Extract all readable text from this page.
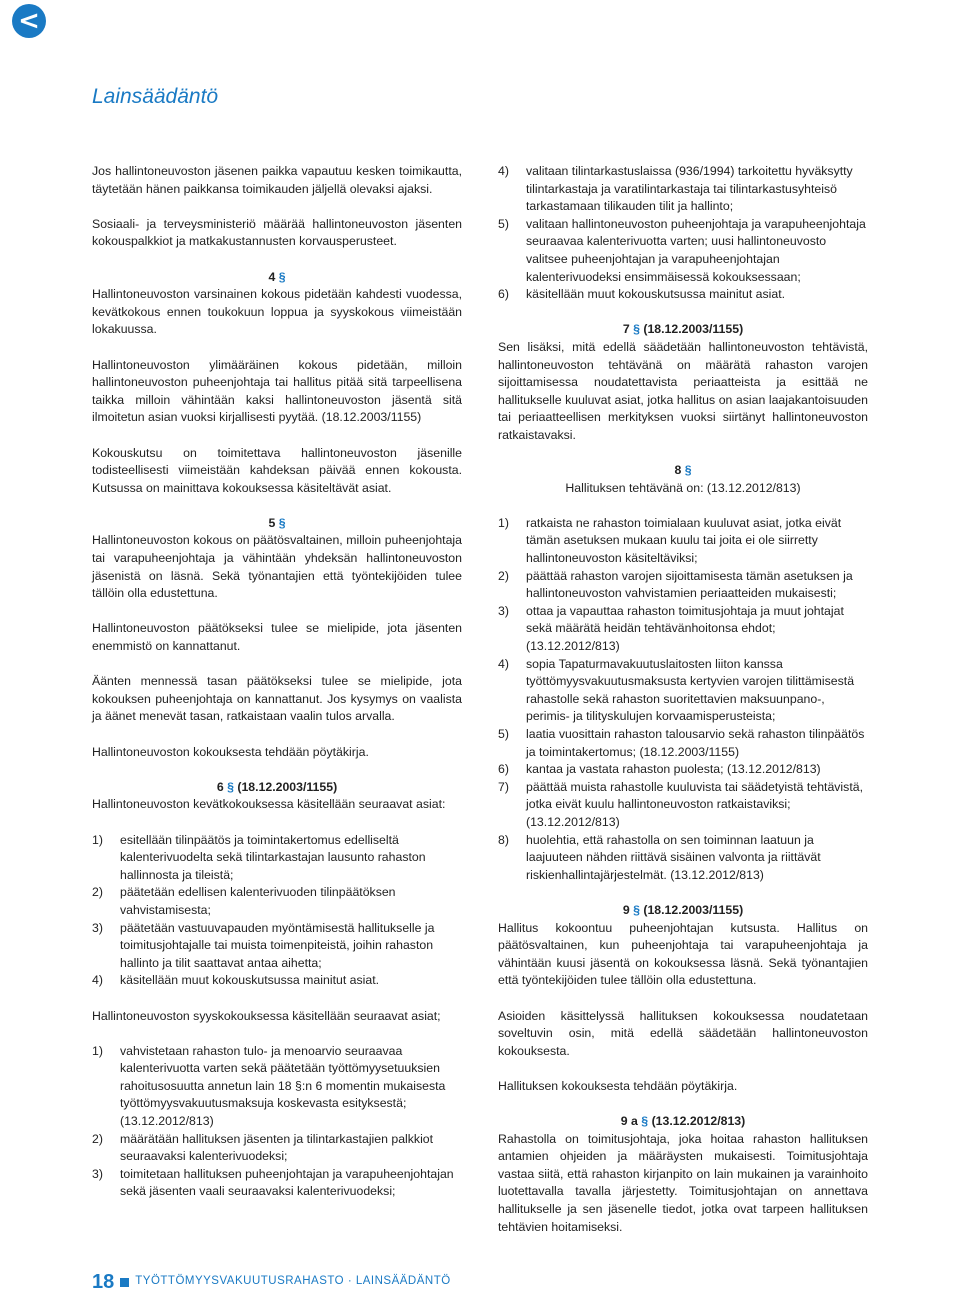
<
Lainsäädäntö

Jos hallintoneuvoston jäsenen paikka vapautuu kesken toimikautta, täytetään hänen paikkansa toimikauden jäljellä olevaksi ajaksi.

Sosiaali- ja terveysministeriö määrää hallintoneuvoston jäsenten kokouspalkkiot ja matkakustannusten korvausperusteet.

4 §

Hallintoneuvoston varsinainen kokous pidetään kahdesti vuodessa, kevätkokous ennen toukokuun loppua ja syyskokous viimeistään lokakuussa.

Hallintoneuvoston ylimääräinen kokous pidetään, milloin hallintoneuvoston puheenjohtaja tai hallitus pitää sitä tarpeellisena taikka milloin vähintään kaksi hallintoneuvoston jäsentä sitä ilmoitetun asian vuoksi kirjallisesti pyytää. (18.12.2003/1155)

Kokouskutsu on toimitettava hallintoneuvoston jäsenille todisteellisesti viimeistään kahdeksan päivää ennen kokousta. Kutsussa on mainittava kokouksessa käsiteltävät asiat.

5 §

Hallintoneuvoston kokous on päätösvaltainen, milloin puheenjohtaja tai varapuheenjohtaja ja vähintään yhdeksän hallintoneuvoston jäsenistä on läsnä. Sekä työnantajien että työntekijöiden tulee tällöin olla edustettuna.

Hallintoneuvoston päätökseksi tulee se mielipide, jota jäsenten enemmistö on kannattanut.

Äänten mennessä tasan päätökseksi tulee se mielipide, jota kokouksen puheenjohtaja on kannattanut. Jos kysymys on vaalista ja äänet menevät tasan, ratkaistaan vaalin tulos arvalla.

Hallintoneuvoston kokouksesta tehdään pöytäkirja.

6 § (18.12.2003/1155)

Hallintoneuvoston kevätkokouksessa käsitellään seuraavat asiat:

1) esitellään tilinpäätös ja toimintakertomus edelliseltä kalenterivuodelta sekä tilintarkastajan lausunto rahaston hallinnosta ja tileistä;
2) päätetään edellisen kalenterivuoden tilinpäätöksen vahvistamisesta;
3) päätetään vastuuvapauden myöntämisestä hallitukselle ja toimitusjohtajalle tai muista toimenpiteistä, joihin rahaston hallinto ja tilit saattavat antaa aihetta;
4) käsitellään muut kokouskutsussa mainitut asiat.

Hallintoneuvoston syyskokouksessa käsitellään seuraavat asiat;

1) vahvistetaan rahaston tulo- ja menoarvio seuraavaa kalenterivuotta varten sekä päätetään työttömyysetuuksien rahoitusosuutta annetun lain 18 §:n 6 momentin mukaisesta työttömyysvakuutusmaksuja koskevasta esityksestä; (13.12.2012/813)
2) määrätään hallituksen jäsenten ja tilintarkastajien palkkiot seuraavaksi kalenterivuodeksi;
3) toimitetaan hallituksen puheenjohtajan ja varapuheenjohtajan sekä jäsenten vaali seuraavaksi kalenterivuodeksi;
4) valitaan tilintarkastuslaissa (936/1994) tarkoitettu hyväksytty tilintarkastaja ja varatilintarkastaja tai tilintarkastusyhteisö tarkastamaan tilikauden tilit ja hallinto;
5) valitaan hallintoneuvoston puheenjohtaja ja varapuheenjohtaja seuraavaa kalenterivuotta varten; uusi hallintoneuvosto valitsee puheenjohtajan ja varapuheenjohtajan kalenterivuodeksi ensimmäisessä kokouksessaan;
6) käsitellään muut kokouskutsussa mainitut asiat.
7 § (18.12.2003/1155)

Sen lisäksi, mitä edellä säädetään hallintoneuvoston tehtävistä, hallintoneuvoston tehtävänä on määrätä rahaston varojen sijoittamisessa noudatettavista periaatteista ja esittää ne hallitukselle kuuluvat asiat, jotka hallitus on asian laajakantoisuuden tai periaatteellisen merkityksen vuoksi siirtänyt hallintoneuvoston ratkaistavaksi.

8 §

Hallituksen tehtävänä on: (13.12.2012/813)

1) ratkaista ne rahaston toimialaan kuuluvat asiat, jotka eivät tämän asetuksen mukaan kuulu tai joita ei ole siirretty hallintoneuvoston käsiteltäviksi;
2) päättää rahaston varojen sijoittamisesta tämän asetuksen ja hallintoneuvoston vahvistamien periaatteiden mukaisesti;
3) ottaa ja vapauttaa rahaston toimitusjohtaja ja muut johtajat sekä määrätä heidän tehtävänhoitonsa ehdot; (13.12.2012/813)
4) sopia Tapaturmavakuutuslaitosten liiton kanssa työttömyysvakuutusmaksusta kertyvien varojen tilittämisestä rahastolle sekä rahaston suoritettavien maksuunpano-, perimis- ja tilityskulujen korvaamisperusteista;
5) laatia vuosittain rahaston talousarvio sekä rahaston tilinpäätös ja toimintakertomus; (18.12.2003/1155)
6) kantaa ja vastata rahaston puolesta; (13.12.2012/813)
7) päättää muista rahastolle kuuluvista tai säädetyistä tehtävistä, jotka eivät kuulu hallintoneuvoston ratkaistaviksi; (13.12.2012/813)
8) huolehtia, että rahastolla on sen toiminnan laatuun ja laajuuteen nähden riittävä sisäinen valvonta ja riittävät riskienhallintajärjestelmät. (13.12.2012/813)
9 § (18.12.2003/1155)

Hallitus kokoontuu puheenjohtajan kutsusta. Hallitus on päätösvaltainen, kun puheenjohtaja tai varapuheenjohtaja ja vähintään kuusi jäsentä on kokouksessa läsnä. Sekä työnantajien että työntekijöiden tulee tällöin olla edustettuna.

Asioiden käsittelyssä hallituksen kokouksessa noudatetaan soveltuvin osin, mitä edellä säädetään hallintoneuvoston kokouksesta.

Hallituksen kokouksesta tehdään pöytäkirja.

9 a § (13.12.2012/813)

Rahastolla on toimitusjohtaja, joka hoitaa rahaston hallituksen antamien ohjeiden ja määräysten mukaisesti. Toimitusjohtaja vastaa siitä, että rahaston kirjanpito on lain mukainen ja varainhoito luotettavalla tavalla järjestetty. Toimitusjohtajan on annettava hallitukselle ja sen jäsenelle tiedot, jotka ovat tarpeen hallituksen tehtävien hoitamiseksi.

18 TYÖTTÖMYYSVAKUUTUSRAHASTO · LAINSÄÄDÄNTÖ
